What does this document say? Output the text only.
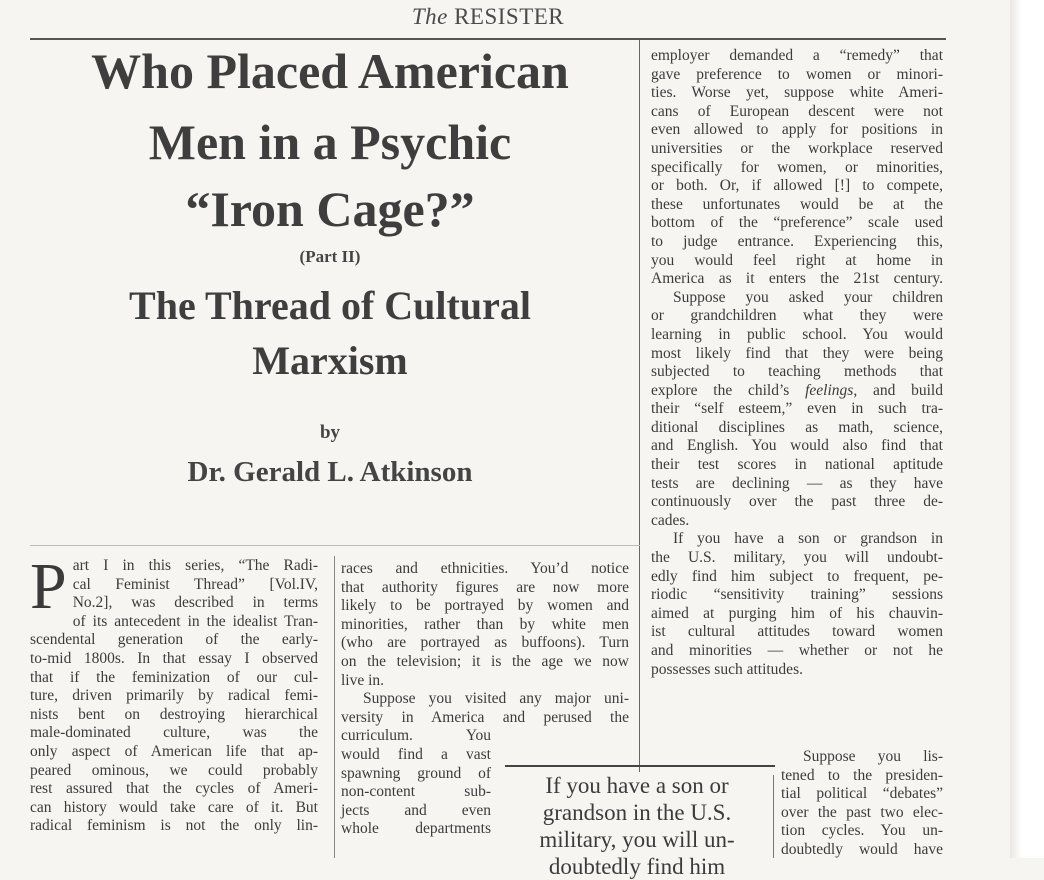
The RESISTER
Who Placed American
Men in a Psychic
“Iron Cage?”
(Part II)
The Thread of Cultural
Marxism
by
Dr. Gerald L. Atkinson
P art I in this series, “The Radi-
cal Feminist Thread” [Vol.IV,
No.2], was described in terms
of its antecedent in the idealist Tran-
scendental generation of the early-
to-mid 1800s. In that essay I observed
that if the feminization of our cul-
ture, driven primarily by radical femi-
nists bent on destroying hierarchical
male-dominated culture, was the
only aspect of American life that ap-
peared ominous, we could probably
rest assured that the cycles of Ameri-
can history would take care of it. But
radical feminism is not the only lin-
races and ethnicities. You’d notice
that authority figures are now more
likely to be portrayed by women and
minorities, rather than by white men
(who are portrayed as buffoons). Turn
on the television; it is the age we now
live in.
Suppose you visited any major uni-
versity in America and perused the
curriculum. You
would find a vast
spawning ground of
non-content sub-
jects and even
whole departments
employer demanded a “remedy” that
gave preference to women or minori-
ties. Worse yet, suppose white Ameri-
cans of European descent were not
even allowed to apply for positions in
universities or the workplace reserved
specifically for women, or minorities,
or both. Or, if allowed [!] to compete,
these unfortunates would be at the
bottom of the “preference” scale used
to judge entrance. Experiencing this,
you would feel right at home in
America as it enters the 21st century.
Suppose you asked your children
or grandchildren what they were
learning in public school. You would
most likely find that they were being
subjected to teaching methods that
explore the child’s feelings, and build
their “self esteem,” even in such tra-
ditional disciplines as math, science,
and English. You would also find that
their test scores in national aptitude
tests are declining — as they have
continuously over the past three de-
cades.
If you have a son or grandson in
the U.S. military, you will undoubt-
edly find him subject to frequent, pe-
riodic “sensitivity training” sessions
aimed at purging him of his chauvin-
ist cultural attitudes toward women
and minorities — whether or not he
possesses such attitudes.
Suppose you lis-
tened to the presiden-
tial political “debates”
over the past two elec-
tion cycles. You un-
doubtedly would have
If you have a son or
grandson in the U.S.
military, you will un-
doubtedly find him
